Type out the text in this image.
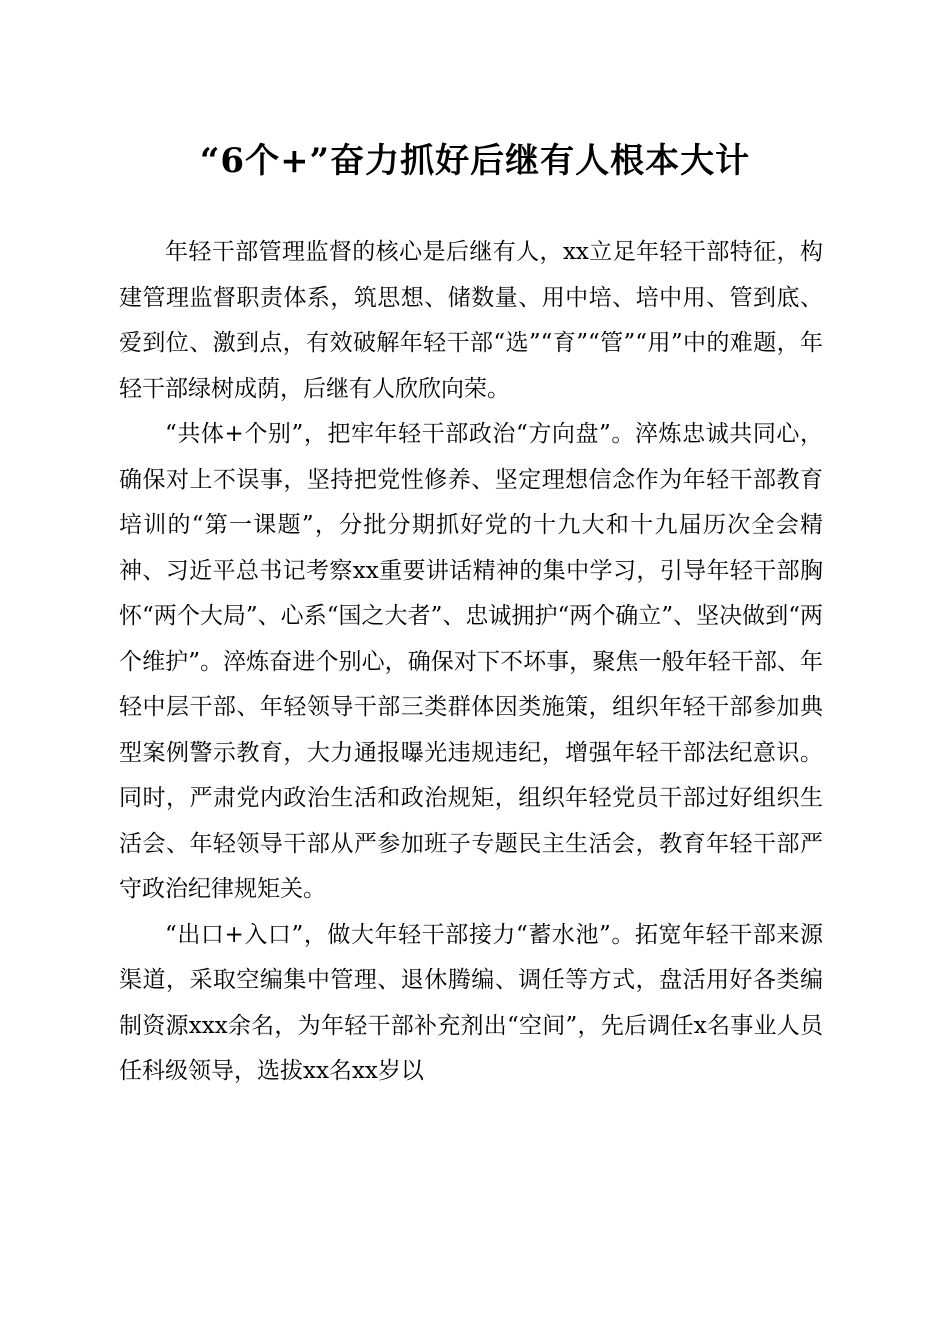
“6个+”奋力抓好后继有人根本大计

年轻干部管理监督的核心是后继有人，xx立足年轻干部特征，构建管理监督职责体系，筑思想、储数量、用中培、培中用、管到底、爱到位、激到点，有效破解年轻干部“选”“育”“管”“用”中的难题，年轻干部绿树成荫，后继有人欣欣向荣。

“共体+个别”，把牢年轻干部政治“方向盘”。淬炼忠诚共同心，确保对上不误事，坚持把党性修养、坚定理想信念作为年轻干部教育培训的“第一课题”，分批分期抓好党的十九大和十九届历次全会精神、习近平总书记考察xx重要讲话精神的集中学习，引导年轻干部胸怀“两个大局”、心系“国之大者”、忠诚拥护“两个确立”、坚决做到“两个维护”。淬炼奋进个别心，确保对下不坏事，聚焦一般年轻干部、年轻中层干部、年轻领导干部三类群体因类施策，组织年轻干部参加典型案例警示教育，大力通报曝光违规违纪，增强年轻干部法纪意识。同时，严肃党内政治生活和政治规矩，组织年轻党员干部过好组织生活会、年轻领导干部从严参加班子专题民主生活会，教育年轻干部严守政治纪律规矩关。

“出口+入口”，做大年轻干部接力“蓄水池”。拓宽年轻干部来源渠道，采取空编集中管理、退休腾编、调任等方式，盘活用好各类编制资源xxx余名，为年轻干部补充剂出“空间”，先后调任x名事业人员任科级领导，选拔xx名xx岁以
